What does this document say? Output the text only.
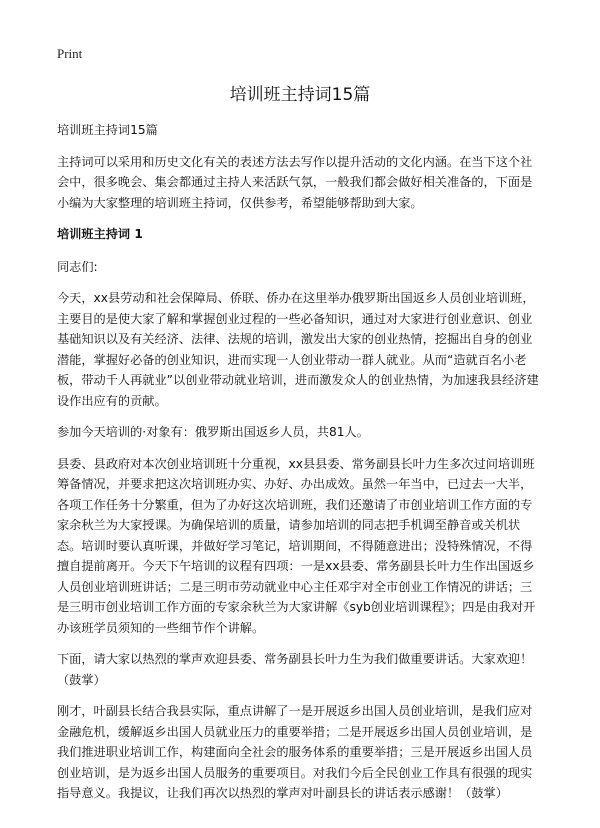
Print
培训班主持词15篇

培训班主持词15篇

主持词可以采用和历史文化有关的表述方法去写作以提升活动的文化内涵。在当下这个社会中，很多晚会、集会都通过主持人来活跃气氛，一般我们都会做好相关准备的，下面是小编为大家整理的培训班主持词，仅供参考，希望能够帮助到大家。

培训班主持词 1

同志们:

今天，xx县劳动和社会保障局、侨联、侨办在这里举办俄罗斯出国返乡人员创业培训班，主要目的是使大家了解和掌握创业过程的一些必备知识，通过对大家进行创业意识、创业基础知识以及有关经济、法律、法规的培训，激发出大家的创业热情，挖掘出自身的创业潜能，掌握好必备的创业知识，进而实现一人创业带动一群人就业。从而“造就百名小老板，带动千人再就业”以创业带动就业培训，进而激发众人的创业热情，为加速我县经济建设作出应有的贡献。

参加今天培训的·对象有：俄罗斯出国返乡人员，共81人。

县委、县政府对本次创业培训班十分重视，xx县县委、常务副县长叶力生多次过问培训班筹备情况，并要求把这次培训班办实、办好、办出成效。虽然一年当中，已过去一大半，各项工作任务十分繁重，但为了办好这次培训班，我们还邀请了市创业培训工作方面的专家余秋兰为大家授课。为确保培训的质量，请参加培训的同志把手机调至静音或关机状态。培训时要认真听课，并做好学习笔记，培训期间，不得随意进出；没特殊情况，不得擅自提前离开。今天下午培训的议程有四项：一是xx县委、常务副县长叶力生作出国返乡人员创业培训班讲话；二是三明市劳动就业中心主任邓宇对全市创业工作情况的讲话；三是三明市创业培训工作方面的专家余秋兰为大家讲解《syb创业培训课程》；四是由我对开办该班学员须知的一些细节作个讲解。

下面，请大家以热烈的掌声欢迎县委、常务副县长叶力生为我们做重要讲话。大家欢迎！（鼓掌）

刚才，叶副县长结合我县实际，重点讲解了一是开展返乡出国人员创业培训，是我们应对金融危机，缓解返乡出国人员就业压力的重要举措；二是开展返乡出国人员创业培训，是我们推进职业培训工作，构建面向全社会的服务体系的重要举措；三是开展返乡出国人员创业培训，是为返乡出国人员服务的重要项目。对我们今后全民创业工作具有很强的现实指导意义。我提议，让我们再次以热烈的掌声对叶副县长的讲话表示感谢！（鼓掌）
